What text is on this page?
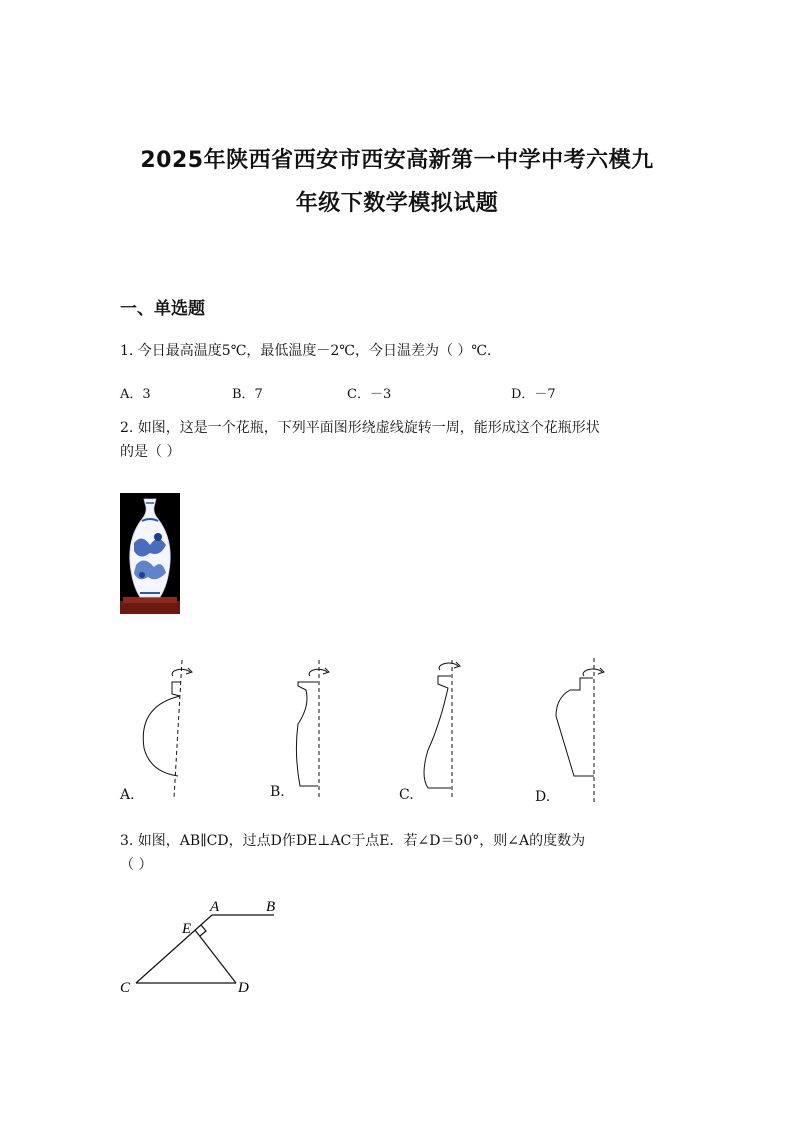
2025年陕西省西安市西安高新第一中学中考六模九
年级下数学模拟试题
一、单选题
1. 今日最高温度5℃，最低温度－2℃，今日温差为（ ）℃．
A．3	B．7	C．－3	D．－7
2. 如图，这是一个花瓶，下列平面图形绕虚线旋转一周，能形成这个花瓶形状
的是（ ）
A.	B.	C.	D.
3. 如图，AB∥CD，过点D作DE⊥AC于点E．若∠D＝50°，则∠A的度数为
（ ）
A	B
E
C	D
